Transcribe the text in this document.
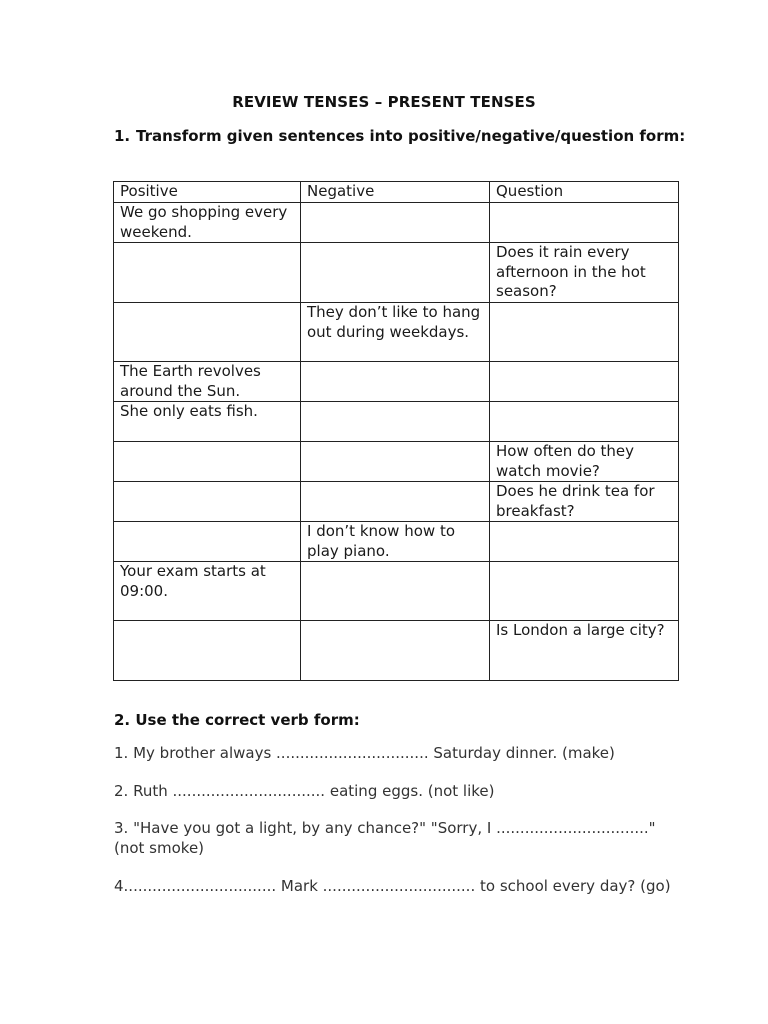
REVIEW TENSES – PRESENT TENSES
1. Transform given sentences into positive/negative/question form:
Positive	Negative	Question
We go shopping every weekend.		
		Does it rain every afternoon in the hot season?
	They don’t like to hang out during weekdays.	
The Earth revolves around the Sun.		
She only eats fish.		
		How often do they watch movie?
		Does he drink tea for breakfast?
	I don’t know how to play piano.	
Your exam starts at 09:00.		
		Is London a large city?
2. Use the correct verb form:
1. My brother always ................................ Saturday dinner. (make)
2. Ruth ................................ eating eggs. (not like)
3. "Have you got a light, by any chance?" "Sorry, I ................................" (not smoke)
4................................ Mark ................................ to school every day? (go)
